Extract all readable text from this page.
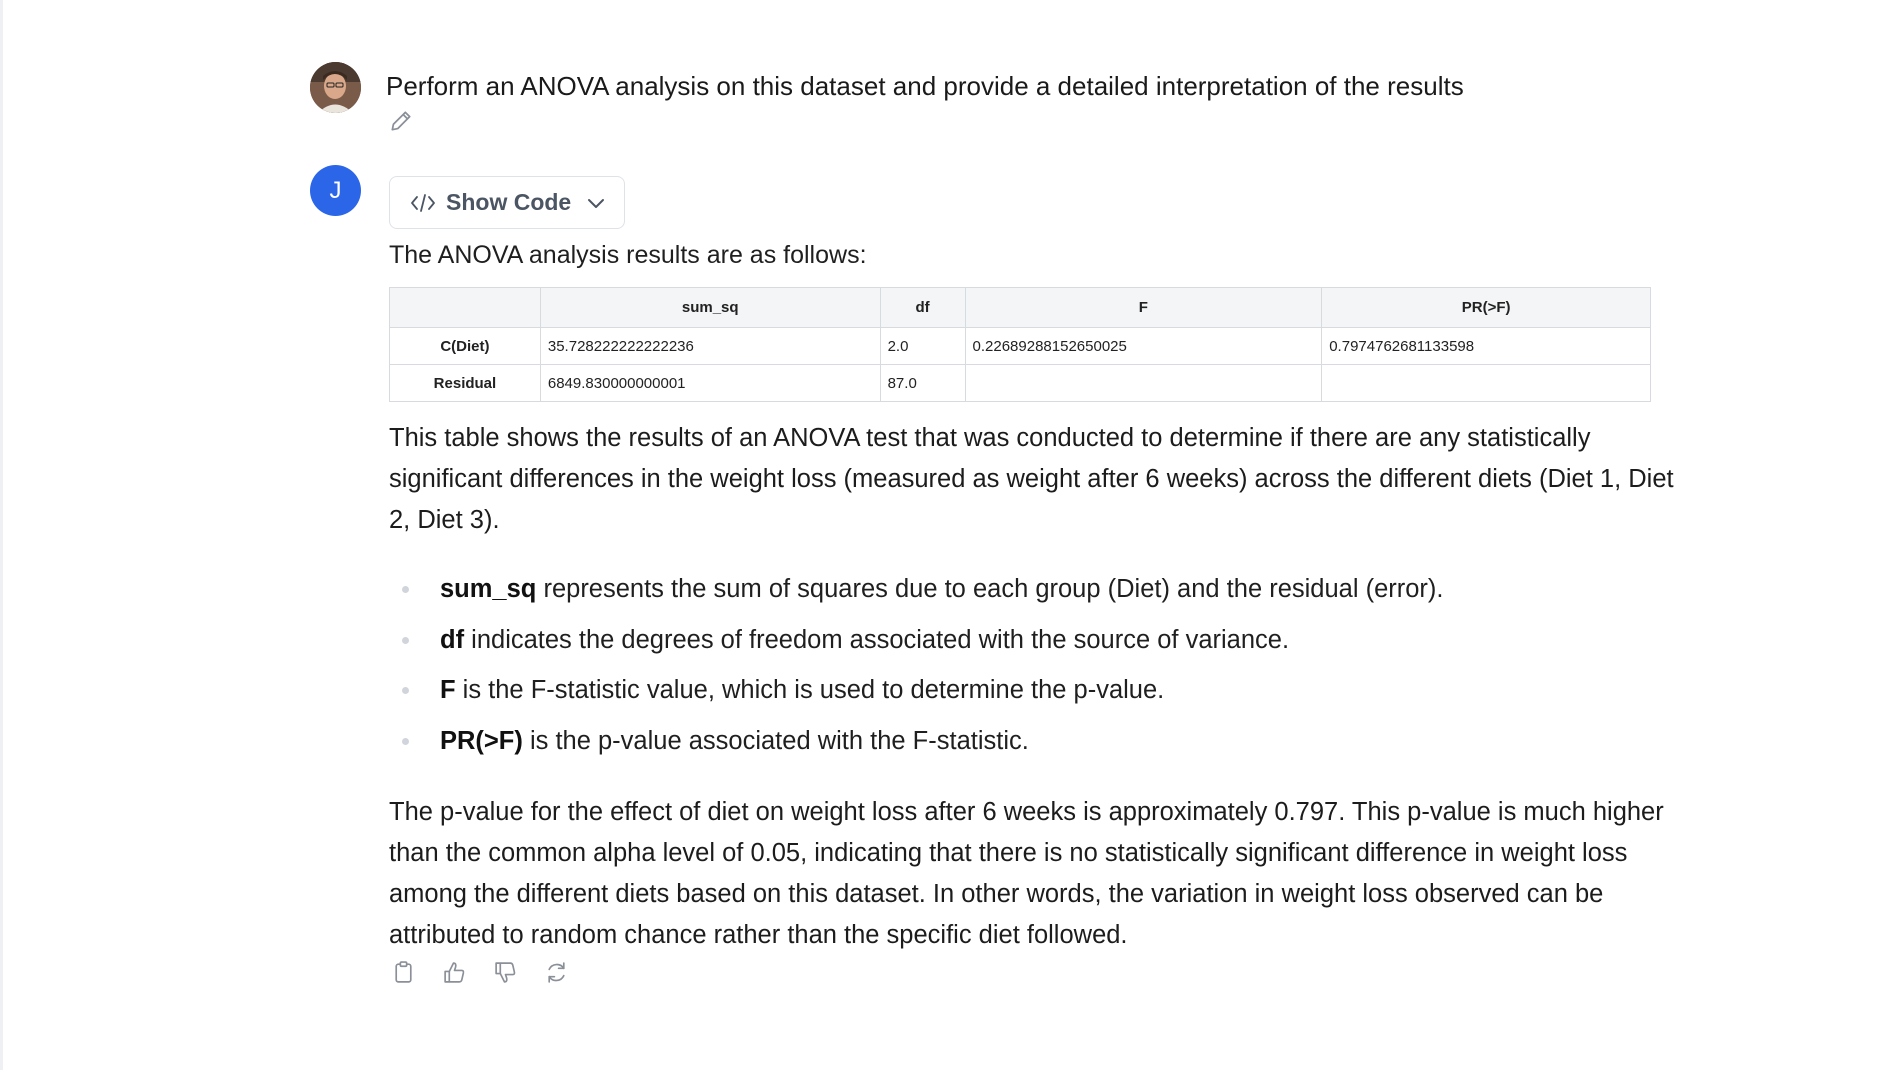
Perform an ANOVA analysis on this dataset and provide a detailed interpretation of the results
J	Show Code
The ANOVA analysis results are as follows:
	sum_sq	df	F	PR(>F)
C(Diet)	35.728222222222236	2.0	0.22689288152650025	0.7974762681133598
Residual	6849.830000000001	87.0		
This table shows the results of an ANOVA test that was conducted to determine if there are any statistically significant differences in the weight loss (measured as weight after 6 weeks) across the different diets (Diet 1, Diet 2, Diet 3).
sum_sq represents the sum of squares due to each group (Diet) and the residual (error).
df indicates the degrees of freedom associated with the source of variance.
F is the F-statistic value, which is used to determine the p-value.
PR(>F) is the p-value associated with the F-statistic.
The p-value for the effect of diet on weight loss after 6 weeks is approximately 0.797. This p-value is much higher than the common alpha level of 0.05, indicating that there is no statistically significant difference in weight loss among the different diets based on this dataset. In other words, the variation in weight loss observed can be attributed to random chance rather than the specific diet followed.
